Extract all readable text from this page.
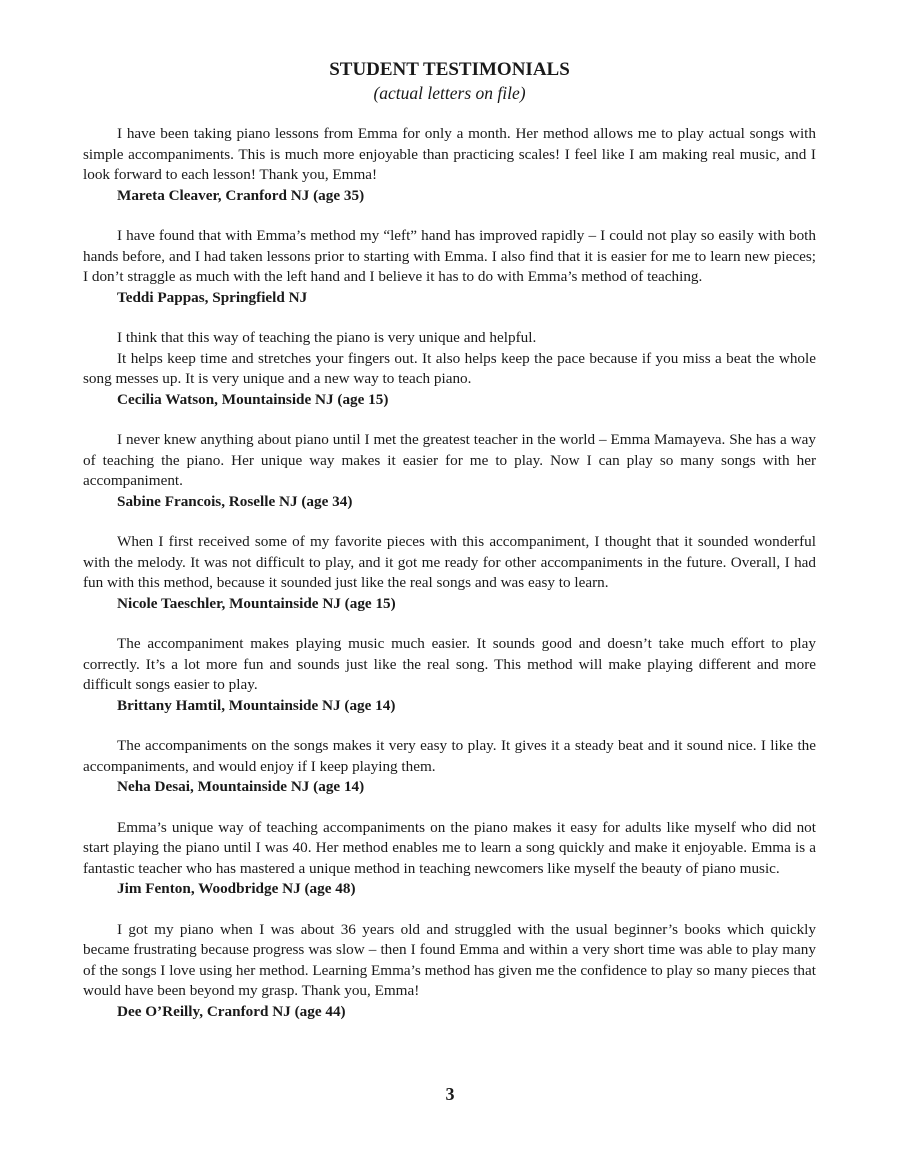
STUDENT TESTIMONIALS
(actual letters on file)

I have been taking piano lessons from Emma for only a month. Her method allows me to play actual songs with simple accompaniments. This is much more enjoyable than practicing scales! I feel like I am making real music, and I look forward to each lesson! Thank you, Emma!

Mareta Cleaver, Cranford NJ (age 35)

I have found that with Emma’s method my “left” hand has improved rapidly – I could not play so easily with both hands before, and I had taken lessons prior to starting with Emma. I also find that it is easier for me to learn new pieces; I don’t straggle as much with the left hand and I believe it has to do with Emma’s method of teaching.

Teddi Pappas, Springfield NJ

I think that this way of teaching the piano is very unique and helpful.

It helps keep time and stretches your fingers out. It also helps keep the pace because if you miss a beat the whole song messes up. It is very unique and a new way to teach piano.

Cecilia Watson, Mountainside NJ (age 15)

I never knew anything about piano until I met the greatest teacher in the world – Emma Mamayeva. She has a way of teaching the piano. Her unique way makes it easier for me to play. Now I can play so many songs with her accompaniment.

Sabine Francois, Roselle NJ (age 34)

When I first received some of my favorite pieces with this accompaniment, I thought that it sounded wonderful with the melody. It was not difficult to play, and it got me ready for other accompaniments in the future. Overall, I had fun with this method, because it sounded just like the real songs and was easy to learn.

Nicole Taeschler, Mountainside NJ (age 15)

The accompaniment makes playing music much easier. It sounds good and doesn’t take much effort to play correctly. It’s a lot more fun and sounds just like the real song. This method will make playing different and more difficult songs easier to play.

Brittany Hamtil, Mountainside NJ (age 14)

The accompaniments on the songs makes it very easy to play. It gives it a steady beat and it sound nice. I like the accompaniments, and would enjoy if I keep playing them.

Neha Desai, Mountainside NJ (age 14)

Emma’s unique way of teaching accompaniments on the piano makes it easy for adults like myself who did not start playing the piano until I was 40. Her method enables me to learn a song quickly and make it enjoyable. Emma is a fantastic teacher who has mastered a unique method in teaching newcomers like myself the beauty of piano music.

Jim Fenton, Woodbridge NJ (age 48)

I got my piano when I was about 36 years old and struggled with the usual beginner’s books which quickly became frustrating because progress was slow – then I found Emma and within a very short time was able to play many of the songs I love using her method. Learning Emma’s method has given me the confidence to play so many pieces that would have been beyond my grasp. Thank you, Emma!

Dee O’Reilly, Cranford NJ (age 44)
3
